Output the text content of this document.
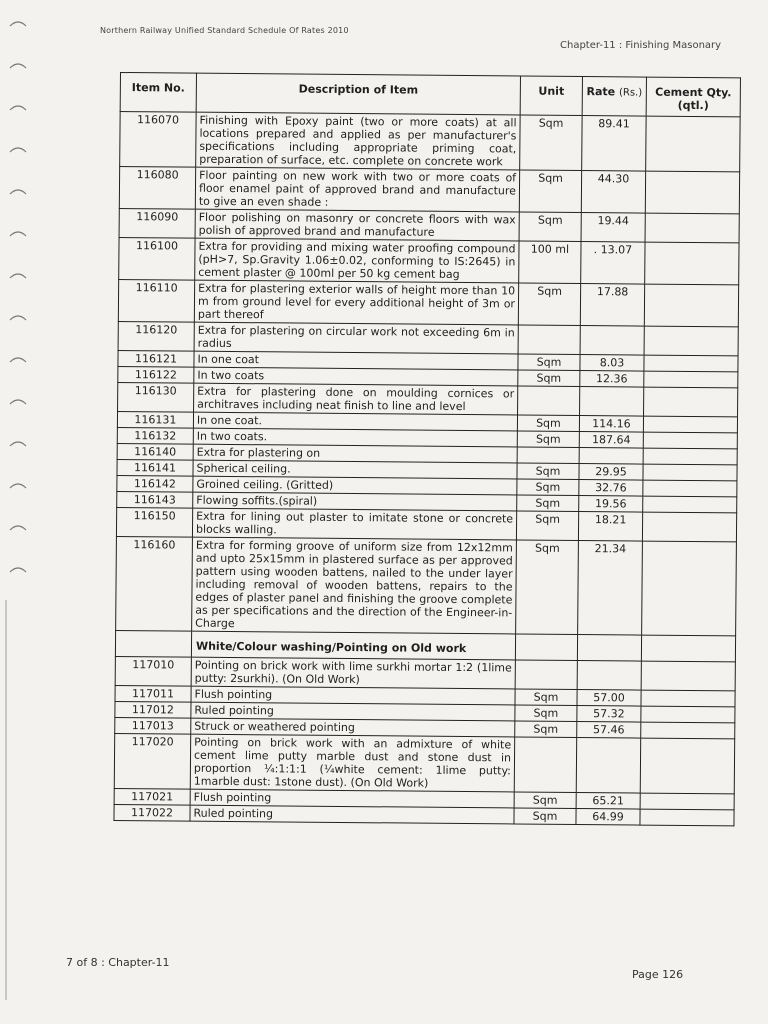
Northern Railway Unified Standard Schedule Of Rates 2010
Chapter-11 : Finishing Masonary
Item No.	Description of Item	Unit	Rate (Rs.)	Cement Qty.(qtl.)
116070	Finishing with Epoxy paint (two or more coats) at all locations prepared and applied as per manufacturer's specifications including appropriate priming coat, preparation of surface, etc. complete on concrete work	Sqm	89.41	
116080	Floor painting on new work with two or more coats of floor enamel paint of approved brand and manufacture to give an even shade :	Sqm	44.30	
116090	Floor polishing on masonry or concrete floors with wax polish of approved brand and manufacture	Sqm	19.44	
116100	Extra for providing and mixing water proofing compound (pH>7, Sp.Gravity 1.06±0.02, conforming to IS:2645) in cement plaster @ 100ml per 50 kg cement bag	100 ml	. 13.07	
116110	Extra for plastering exterior walls of height more than 10 m from ground level for every additional height of 3m or part thereof	Sqm	17.88	
116120	Extra for plastering on circular work not exceeding 6m in radius			
116121	In one coat	Sqm	8.03	
116122	In two coats	Sqm	12.36	
116130	Extra for plastering done on moulding cornices or architraves including neat finish to line and level			
116131	In one coat.	Sqm	114.16	
116132	In two coats.	Sqm	187.64	
116140	Extra for plastering on			
116141	Spherical ceiling.	Sqm	29.95	
116142	Groined ceiling. (Gritted)	Sqm	32.76	
116143	Flowing soffits.(spiral)	Sqm	19.56	
116150	Extra for lining out plaster to imitate stone or concrete blocks walling.	Sqm	18.21	
116160	Extra for forming groove of uniform size from 12x12mm and upto 25x15mm in plastered surface as per approved pattern using wooden battens, nailed to the under layer including removal of wooden battens, repairs to the edges of plaster panel and finishing the groove complete as per specifications and the direction of the Engineer-in-Charge	Sqm	21.34	
	White/Colour washing/Pointing on Old work			
117010	Pointing on brick work with lime surkhi mortar 1:2 (1lime putty: 2surkhi). (On Old Work)			
117011	Flush pointing	Sqm	57.00	
117012	Ruled pointing	Sqm	57.32	
117013	Struck or weathered pointing	Sqm	57.46	
117020	Pointing on brick work with an admixture of white cement lime putty marble dust and stone dust in proportion ¼:1:1:1 (¼white cement: 1lime putty: 1marble dust: 1stone dust). (On Old Work)			
117021	Flush pointing	Sqm	65.21	
117022	Ruled pointing	Sqm	64.99	
7 of 8 : Chapter-11
Page 126
